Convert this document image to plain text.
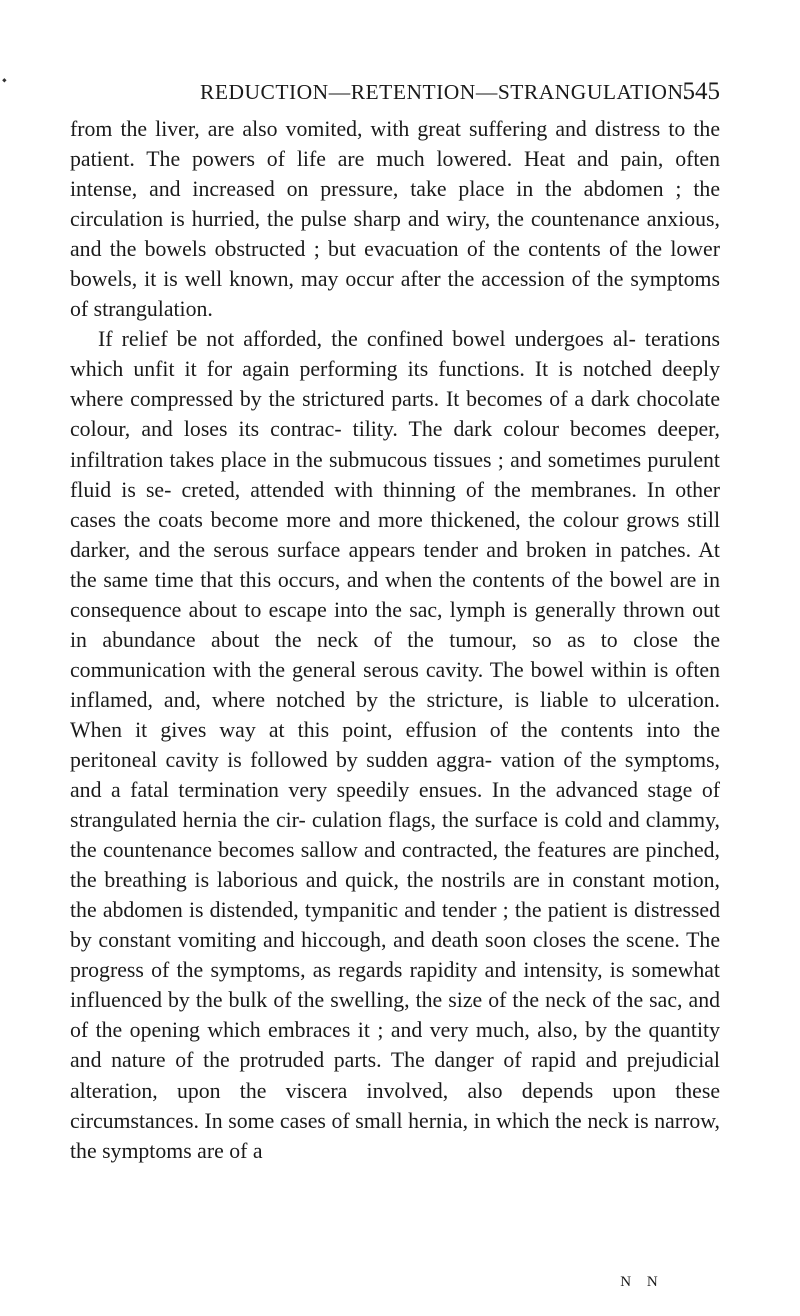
⬩
REDUCTION—RETENTION—STRANGULATION.
545

from the liver, are also vomited, with great suffering and distress to the patient. The powers of life are much lowered. Heat and pain, often intense, and increased on pressure, take place in the abdomen ; the circulation is hurried, the pulse sharp and wiry, the countenance anxious, and the bowels obstructed ; but evacuation of the contents of the lower bowels, it is well known, may occur after the accession of the symptoms of strangulation.

If relief be not afforded, the confined bowel undergoes al- terations which unfit it for again performing its functions. It is notched deeply where compressed by the strictured parts. It becomes of a dark chocolate colour, and loses its contrac- tility. The dark colour becomes deeper, infiltration takes place in the submucous tissues ; and sometimes purulent fluid is se- creted, attended with thinning of the membranes. In other cases the coats become more and more thickened, the colour grows still darker, and the serous surface appears tender and broken in patches. At the same time that this occurs, and when the contents of the bowel are in consequence about to escape into the sac, lymph is generally thrown out in abundance about the neck of the tumour, so as to close the communication with the general serous cavity. The bowel within is often inflamed, and, where notched by the stricture, is liable to ulceration. When it gives way at this point, effusion of the contents into the peritoneal cavity is followed by sudden aggra- vation of the symptoms, and a fatal termination very speedily ensues. In the advanced stage of strangulated hernia the cir- culation flags, the surface is cold and clammy, the countenance becomes sallow and contracted, the features are pinched, the breathing is laborious and quick, the nostrils are in constant motion, the abdomen is distended, tympanitic and tender ; the patient is distressed by constant vomiting and hiccough, and death soon closes the scene. The progress of the symptoms, as regards rapidity and intensity, is somewhat influenced by the bulk of the swelling, the size of the neck of the sac, and of the opening which embraces it ; and very much, also, by the quantity and nature of the protruded parts. The danger of rapid and prejudicial alteration, upon the viscera involved, also depends upon these circumstances. In some cases of small hernia, in which the neck is narrow, the symptoms are of a

N N
